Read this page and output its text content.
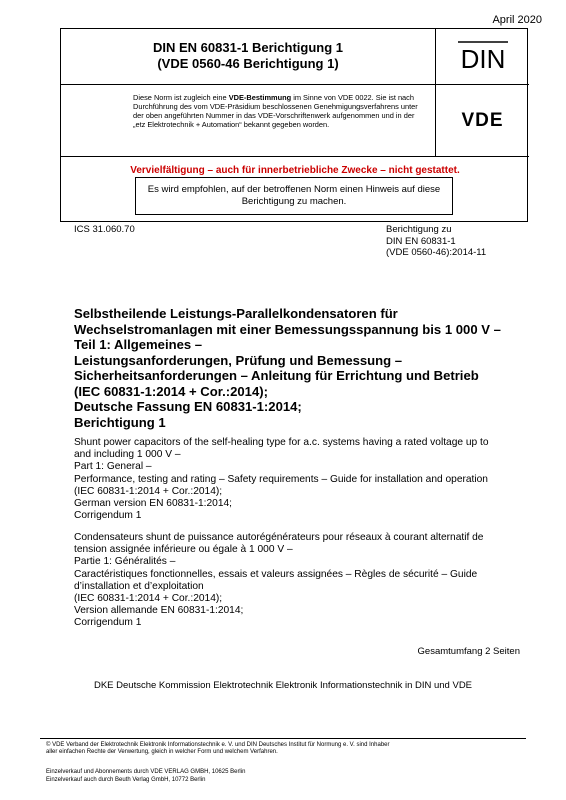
April 2020
DIN EN 60831-1 Berichtigung 1
(VDE 0560-46 Berichtigung 1)	DIN
Diese Norm ist zugleich eine VDE-Bestimmung im Sinne von VDE 0022. Sie ist nach Durchführung des vom VDE-Präsidium beschlossenen Genehmigungsverfahrens unter der oben angeführten Nummer in das VDE-Vorschriftenwerk aufgenommen und in der „etz Elektrotechnik + Automation“ bekannt gegeben worden.	VDE
Vervielfältigung – auch für innerbetriebliche Zwecke – nicht gestattet.
Es wird empfohlen, auf der betroffenen Norm einen Hinweis auf diese Berichtigung zu machen.
ICS 31.060.70	Berichtigung zu
DIN EN 60831-1
(VDE 0560-46):2014-11
Selbstheilende Leistungs-Parallelkondensatoren für
Wechselstromanlagen mit einer Bemessungsspannung bis 1 000 V –
Teil 1: Allgemeines –
Leistungsanforderungen, Prüfung und Bemessung –
Sicherheitsanforderungen – Anleitung für Errichtung und Betrieb
(IEC 60831-1:2014 + Cor.:2014);
Deutsche Fassung EN 60831-1:2014;
Berichtigung 1
Shunt power capacitors of the self-healing type for a.c. systems having a rated voltage up to
and including 1 000 V –
Part 1: General –
Performance, testing and rating – Safety requirements – Guide for installation and operation
(IEC 60831-1:2014 + Cor.:2014);
German version EN 60831-1:2014;
Corrigendum 1
Condensateurs shunt de puissance autorégénérateurs pour réseaux à courant alternatif de
tension assignée inférieure ou égale à 1 000 V –
Partie 1: Généralités –
Caractéristiques fonctionnelles, essais et valeurs assignées – Règles de sécurité – Guide
d’installation et d’exploitation
(IEC 60831-1:2014 + Cor.:2014);
Version allemande EN 60831-1:2014;
Corrigendum 1
Gesamtumfang 2 Seiten
DKE Deutsche Kommission Elektrotechnik Elektronik Informationstechnik in DIN und VDE
© VDE Verband der Elektrotechnik Elektronik Informationstechnik e. V. und DIN Deutsches Institut für Normung e. V. sind Inhaber
aller einfachen Rechte der Verwertung, gleich in welcher Form und welchem Verfahren.
Einzelverkauf und Abonnements durch VDE VERLAG GMBH, 10625 Berlin
Einzelverkauf auch durch Beuth Verlag GmbH, 10772 Berlin
